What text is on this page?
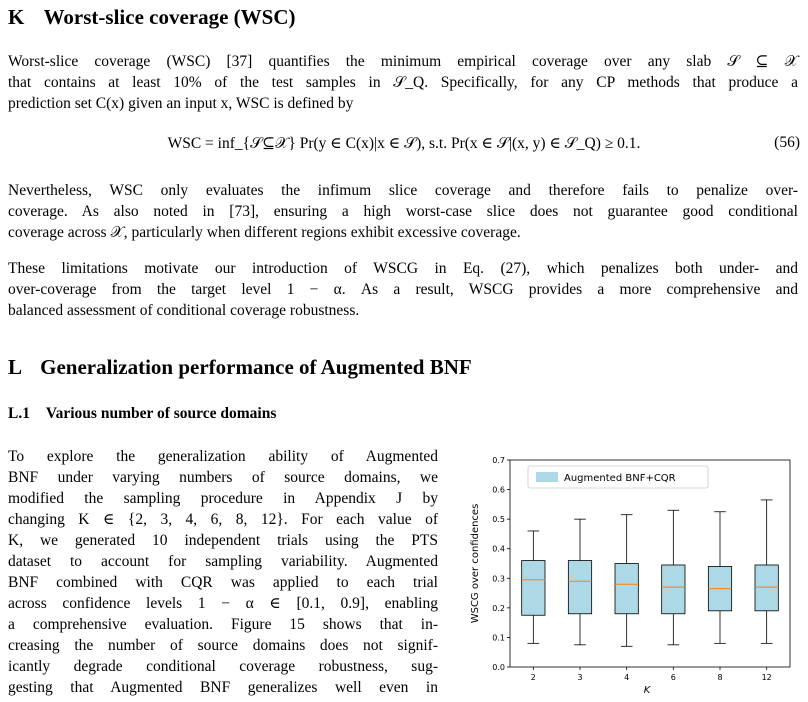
K Worst-slice coverage (WSC)
Worst-slice coverage (WSC) [37] quantifies the minimum empirical coverage over any slab 𝒮 ⊆ 𝒳
that contains at least 10% of the test samples in 𝒮_Q. Specifically, for any CP methods that produce a
prediction set C(x) given an input x, WSC is defined by
WSC = inf_{𝒮⊆𝒳} Pr(y ∈ C(x)|x ∈ 𝒮), s.t. Pr(x ∈ 𝒮|(x, y) ∈ 𝒮_Q) ≥ 0.1.	(56)
Nevertheless, WSC only evaluates the infimum slice coverage and therefore fails to penalize over-
coverage. As also noted in [73], ensuring a high worst-case slice does not guarantee good conditional
coverage across 𝒳, particularly when different regions exhibit excessive coverage.
These limitations motivate our introduction of WSCG in Eq. (27), which penalizes both under- and
over-coverage from the target level 1 − α. As a result, WSCG provides a more comprehensive and
balanced assessment of conditional coverage robustness.
L Generalization performance of Augmented BNF
L.1 Various number of source domains
To explore the generalization ability of Augmented
BNF under varying numbers of source domains, we
modified the sampling procedure in Appendix J by
changing K ∈ {2, 3, 4, 6, 8, 12}. For each value of
K, we generated 10 independent trials using the PTS
dataset to account for sampling variability. Augmented
BNF combined with CQR was applied to each trial
across confidence levels 1 − α ∈ [0.1, 0.9], enabling
a comprehensive evaluation. Figure 15 shows that in-
creasing the number of source domains does not signif-
icantly degrade conditional coverage robustness, sug-
gesting that Augmented BNF generalizes well even in
0.0
0.1
0.2
0.3
0.4
0.5
0.6
0.7
2	3	4	6	8	12
K
WSCG over confidences
Augmented BNF+CQR
